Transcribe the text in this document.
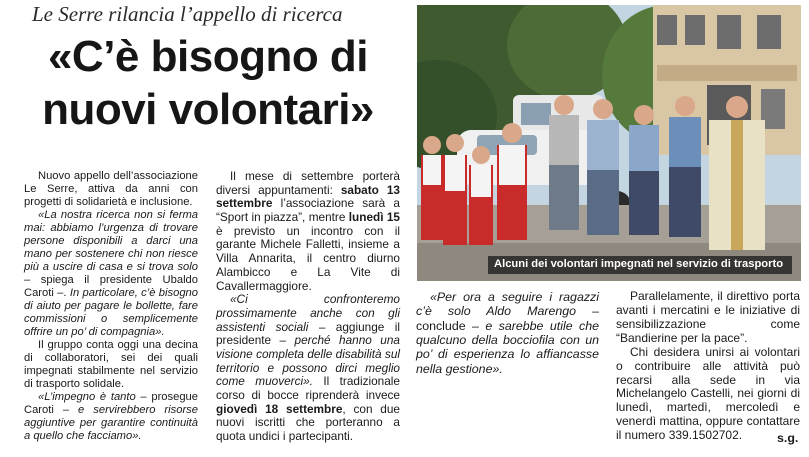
Le Serre rilancia l’appello di ricerca
«C’è bisogno di
nuovi volontari»
Alcuni dei volontari impegnati nel servizio di trasporto

Nuovo appello dell’associazione Le Serre, attiva da anni con progetti di solidarietà e inclusione.

«La nostra ricerca non si ferma mai: abbiamo l’urgenza di trovare persone disponibili a darci una mano per sostenere chi non riesce più a uscire di casa e si trova solo – spiega il presidente Ubaldo Caroti –. In particolare, c’è bisogno di aiuto per pagare le bollette, fare commissioni o semplicemente offrire un po’ di compagnia».

Il gruppo conta oggi una decina di collaboratori, sei dei quali impegnati stabilmente nel servizio di trasporto solidale.

«L’impegno è tanto – prosegue Caroti – e servirebbero risorse aggiuntive per garantire continuità a quello che facciamo».

Il mese di settembre porterà diversi appuntamenti: sabato 13 settembre l’associazione sarà a “Sport in piazza”, mentre lunedì 15 è previsto un incontro con il garante Michele Falletti, insieme a Villa Annarita, il centro diurno Alambicco e La Vite di Cavallermaggiore.

«Ci confronteremo prossimamente anche con gli assistenti sociali – aggiunge il presidente – perché hanno una visione completa delle disabilità sul territorio e possono dirci meglio come muoverci». Il tradizionale corso di bocce riprenderà invece giovedì 18 settembre, con due nuovi iscritti che porteranno a quota undici i partecipanti.

«Per ora a seguire i ragazzi c’è solo Aldo Marengo – conclude – e sarebbe utile che qualcuno della bocciofila con un po’ di esperienza lo affiancasse nella gestione».

Parallelamente, il direttivo porta avanti i mercatini e le iniziative di sensibilizzazione come “Bandierine per la pace”.

Chi desidera unirsi ai volontari o contribuire alle attività può recarsi alla sede in via Michelangelo Castelli, nei giorni di lunedì, martedì, mercoledì e venerdì mattina, oppure contattare il numero 339.1502702.	s.g.
